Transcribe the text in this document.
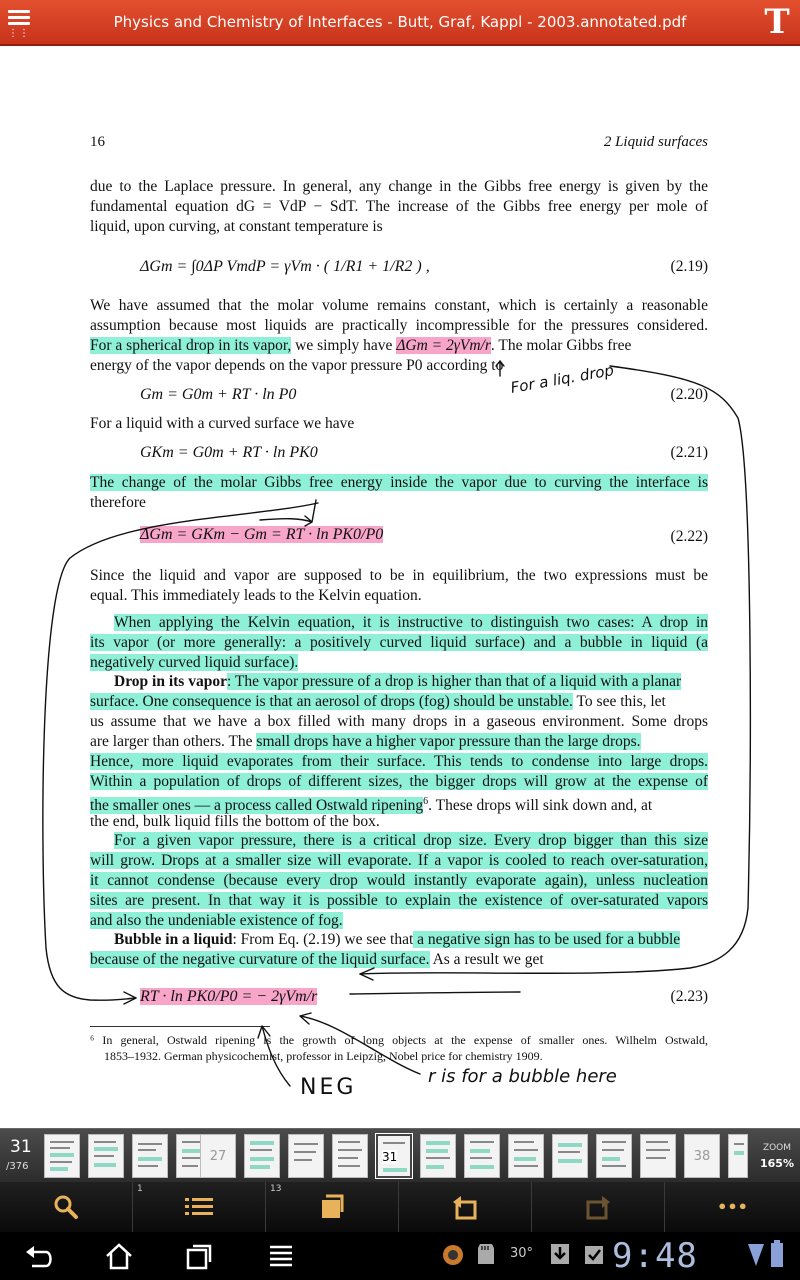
⋮⋮
Physics and Chemistry of Interfaces - Butt, Graf, Kappl - 2003.annotated.pdf	T
16	2 Liquid surfaces
due to the Laplace pressure. In general, any change in the Gibbs free energy is given by the
fundamental equation dG = VdP − SdT. The increase of the Gibbs free energy per mole of
liquid, upon curving, at constant temperature is
ΔGm = ∫0ΔP VmdP = γVm · ( 1/R1 + 1/R2 ) ,	(2.19)
We have assumed that the molar volume remains constant, which is certainly a reasonable
assumption because most liquids are practically incompressible for the pressures considered.
For a spherical drop in its vapor, we simply have ΔGm = 2γVm/r. The molar Gibbs free
energy of the vapor depends on the vapor pressure P0 according to
Gm = G0m + RT · ln P0	(2.20)
For a liquid with a curved surface we have
GKm = G0m + RT · ln PK0	(2.21)
The change of the molar Gibbs free energy inside the vapor due to curving the interface is
therefore
ΔGm = GKm − Gm = RT · ln PK0/P0	(2.22)
Since the liquid and vapor are supposed to be in equilibrium, the two expressions must be
equal. This immediately leads to the Kelvin equation.
When applying the Kelvin equation, it is instructive to distinguish two cases: A drop in
its vapor (or more generally: a positively curved liquid surface) and a bubble in liquid (a
negatively curved liquid surface).
Drop in its vapor: The vapor pressure of a drop is higher than that of a liquid with a planar
surface. One consequence is that an aerosol of drops (fog) should be unstable. To see this, let
us assume that we have a box filled with many drops in a gaseous environment. Some drops
are larger than others. The small drops have a higher vapor pressure than the large drops.
Hence, more liquid evaporates from their surface. This tends to condense into large drops.
Within a population of drops of different sizes, the bigger drops will grow at the expense of
the smaller ones — a process called Ostwald ripening$^6$. These drops will sink down and, at
the end, bulk liquid fills the bottom of the box.
For a given vapor pressure, there is a critical drop size. Every drop bigger than this size
will grow. Drops at a smaller size will evaporate. If a vapor is cooled to reach over-saturation,
it cannot condense (because every drop would instantly evaporate again), unless nucleation
sites are present. In that way it is possible to explain the existence of over-saturated vapors
and also the undeniable existence of fog.
Bubble in a liquid: From Eq. (2.19) we see that a negative sign has to be used for a bubble
because of the negative curvature of the liquid surface. As a result we get
RT · ln PK0/P0 = − 2γVm/r	(2.23)
⁶ In general, Ostwald ripening is the growth of long objects at the expense of smaller ones. Wilhelm Ostwald,
1853–1932. German physicochemist, professor in Leipzig, Nobel price for chemistry 1909.
For a liq. drop
NEG	r is for a bubble here
31
/376
27	31	38
ZOOM
165%
1	13
•••
30° 9:48
